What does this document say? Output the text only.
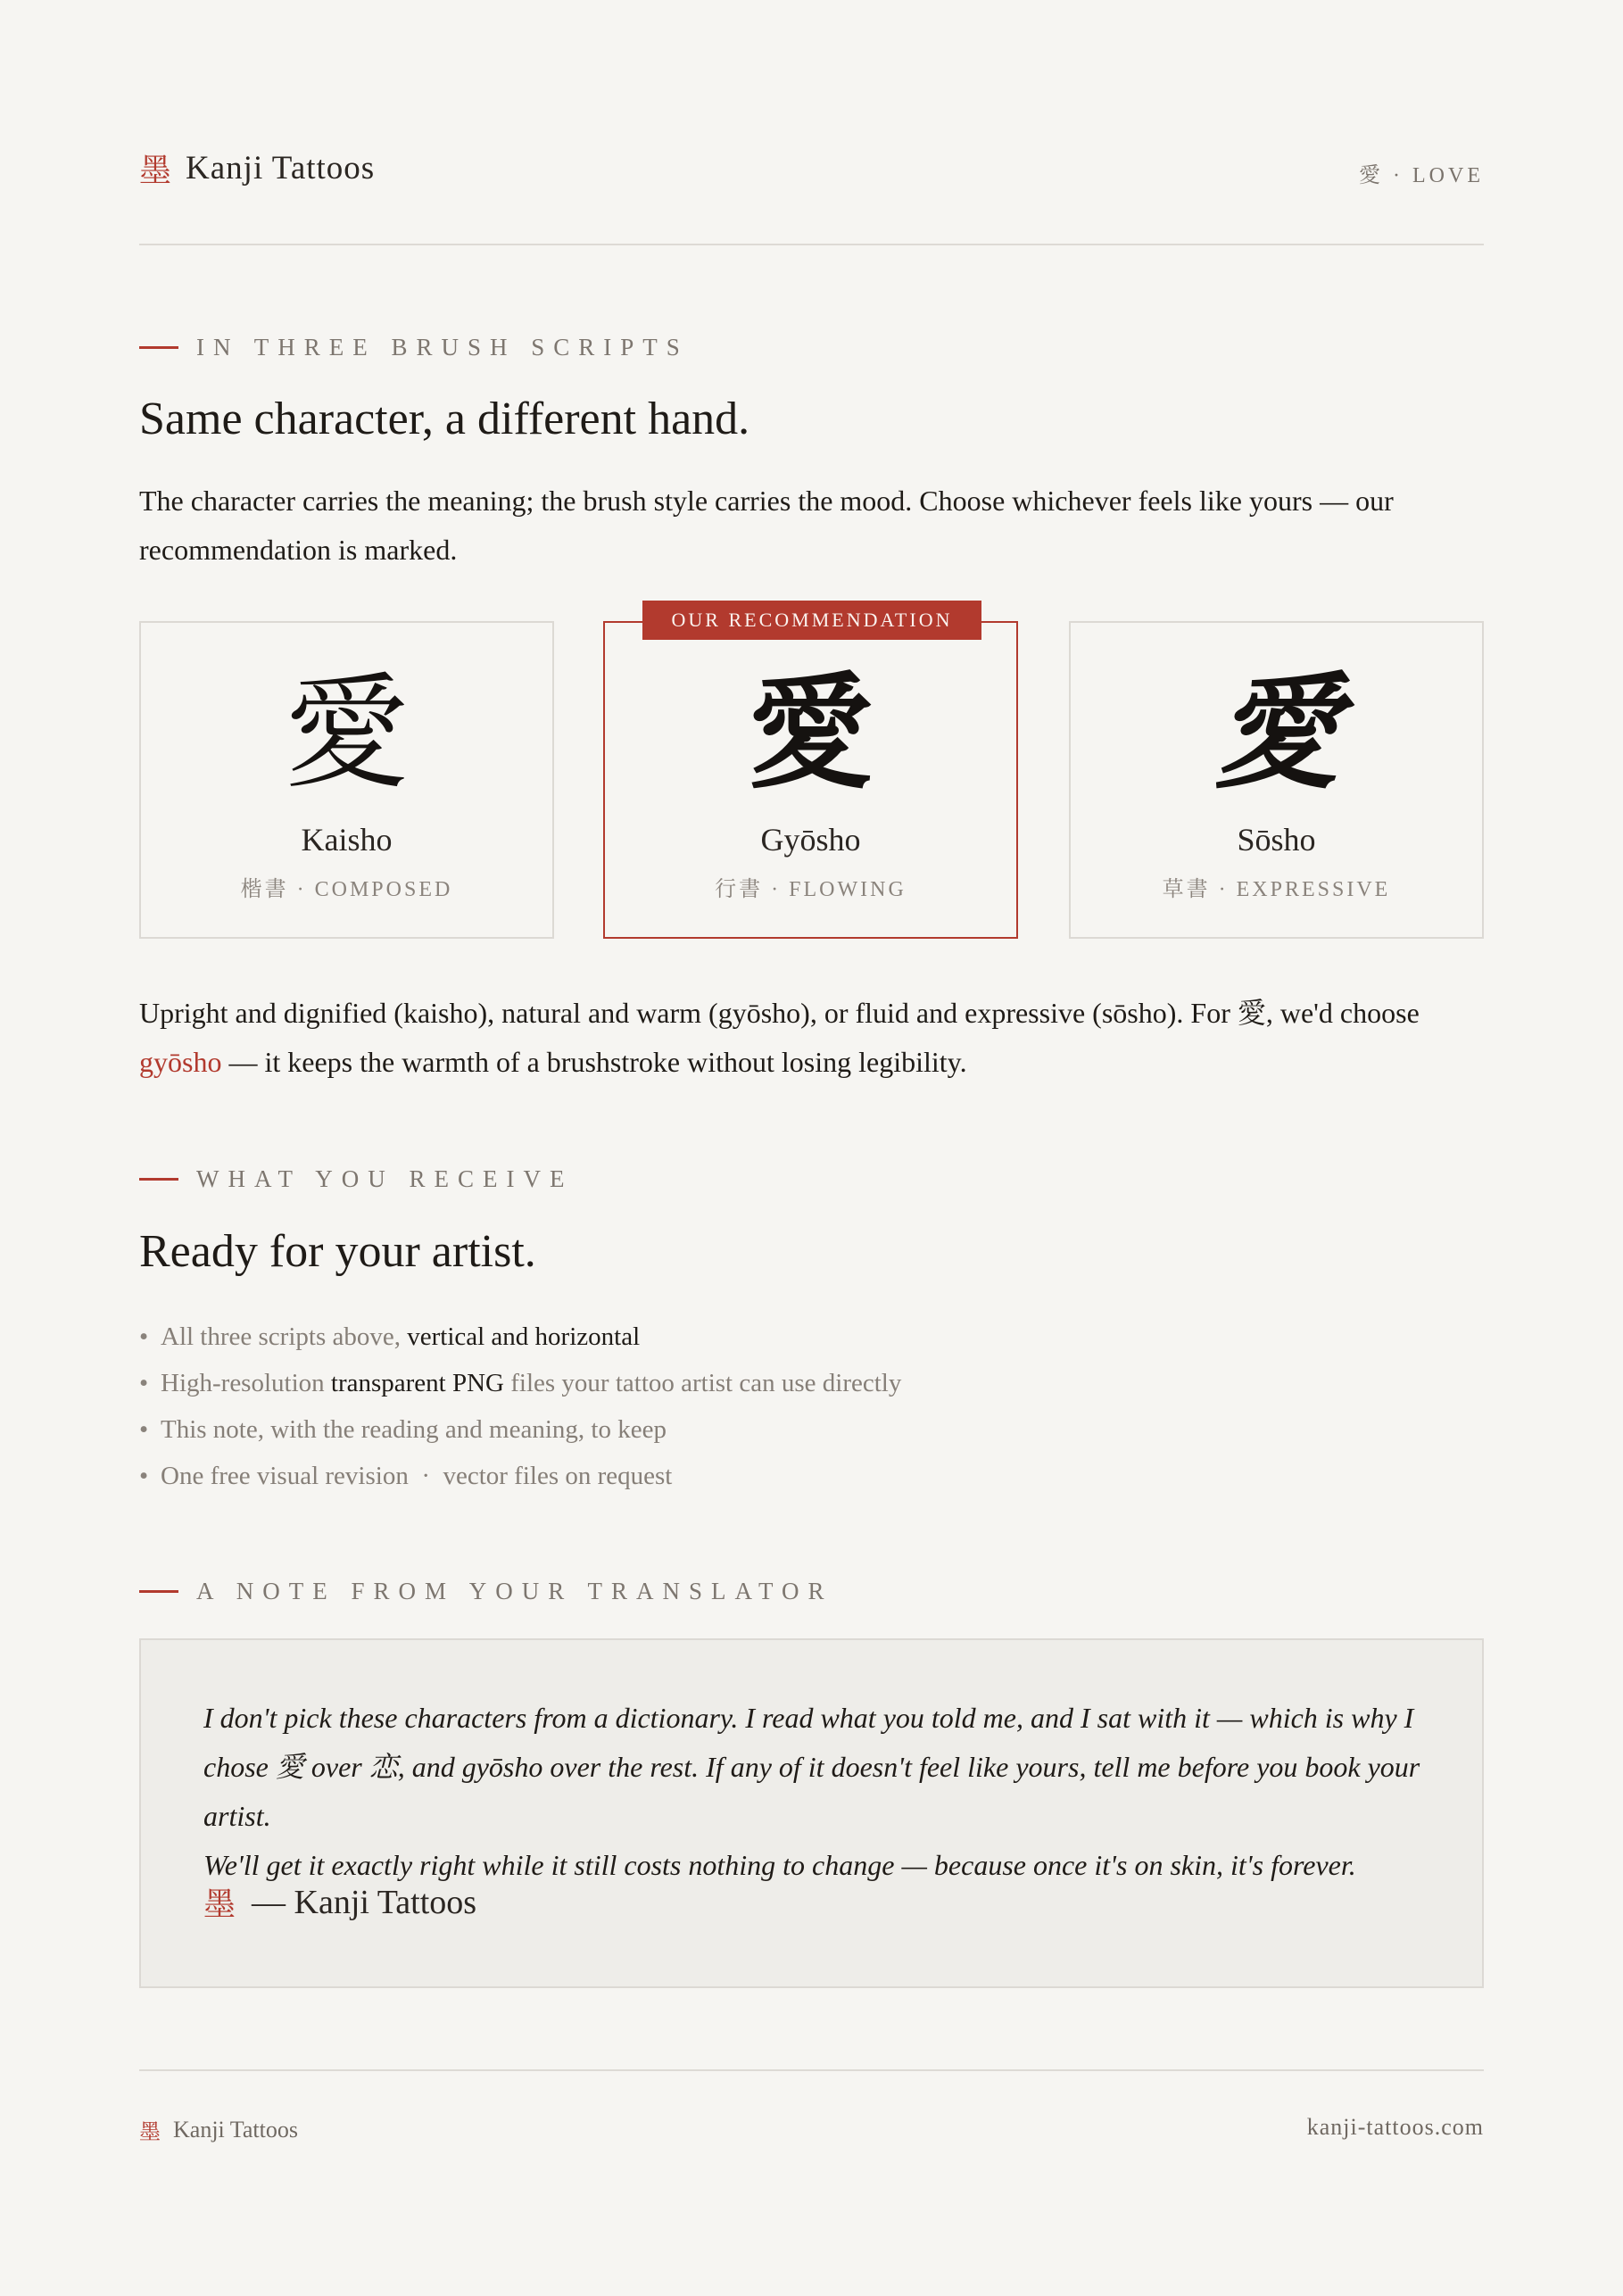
墨 Kanji Tattoos	愛 · LOVE
IN THREE BRUSH SCRIPTS
Same character, a different hand.
The character carries the meaning; the brush style carries the mood. Choose whichever feels like yours — our
recommendation is marked.
愛
Kaisho
楷書 · COMPOSED
OUR RECOMMENDATION
愛
Gyōsho
行書 · FLOWING
愛
Sōsho
草書 · EXPRESSIVE
Upright and dignified (kaisho), natural and warm (gyōsho), or fluid and expressive (sōsho). For 愛, we'd choose
gyōsho — it keeps the warmth of a brushstroke without losing legibility.
WHAT YOU RECEIVE
Ready for your artist.
• All three scripts above, vertical and horizontal
• High-resolution transparent PNG files your tattoo artist can use directly
• This note, with the reading and meaning, to keep
• One free visual revision  ·  vector files on request
A NOTE FROM YOUR TRANSLATOR
I don't pick these characters from a dictionary. I read what you told me, and I sat with it — which is why I
chose 愛 over 恋, and gyōsho over the rest. If any of it doesn't feel like yours, tell me before you book your artist.
We'll get it exactly right while it still costs nothing to change — because once it's on skin, it's forever.
墨 — Kanji Tattoos
墨 Kanji Tattoos	kanji-tattoos.com
